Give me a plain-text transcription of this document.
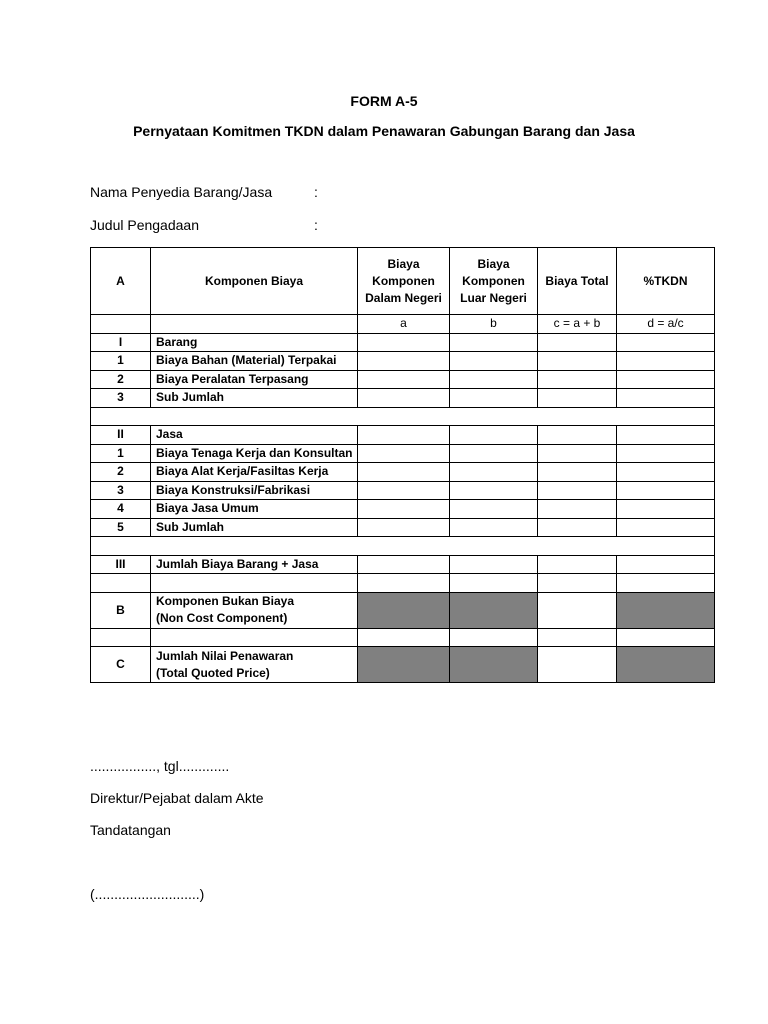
FORM A-5
Pernyataan Komitmen TKDN dalam Penawaran Gabungan Barang dan Jasa
Nama Penyedia Barang/Jasa	:
Judul Pengadaan	:
A	Komponen Biaya	Biaya Komponen Dalam Negeri	Biaya Komponen Luar Negeri	Biaya Total	%TKDN
		a	b	c = a + b	d = a/c
I	Barang				
1	Biaya Bahan (Material) Terpakai				
2	Biaya Peralatan Terpasang				
3	Sub Jumlah				

II	Jasa				
1	Biaya Tenaga Kerja dan Konsultan				
2	Biaya Alat Kerja/Fasiltas Kerja				
3	Biaya Konstruksi/Fabrikasi				
4	Biaya Jasa Umum				
5	Sub Jumlah				

III	Jumlah Biaya Barang + Jasa				

B	Komponen Bukan Biaya
(Non Cost Component)				

C	Jumlah Nilai Penawaran
(Total Quoted Price)				
................., tgl.............
Direktur/Pejabat dalam Akte
Tandatangan
(...........................)
